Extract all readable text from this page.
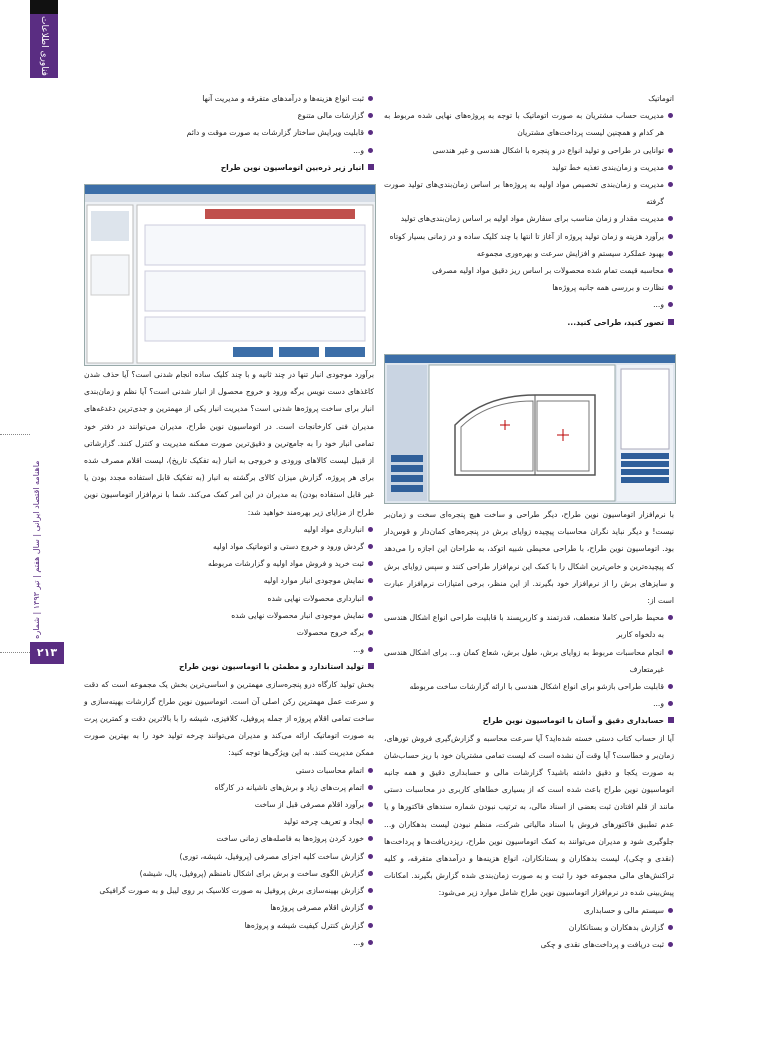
فناوری اطلاعات
ماهنامه اقتصاد ایرانی | سال هفتم | تیر ۱۳۹۳ | شماره
۲۱۳

اتوماتیک

مدیریت حساب مشتریان به صورت اتوماتیک با توجه به پروژه‌های نهایی شده مربوط به هر کدام و همچنین لیست پرداخت‌های مشتریان
توانایی در طراحی و تولید انواع در و پنجره با اشکال هندسی و غیر هندسی
مدیریت و زمان‌بندی تغذیه خط تولید
مدیریت و زمان‌بندی تخصیص مواد اولیه به پروژه‌ها بر اساس زمان‌بندی‌های تولید صورت گرفته
مدیریت مقدار و زمان مناسب برای سفارش مواد اولیه بر اساس زمان‌بندی‌های تولید
برآورد هزینه و زمان تولید پروژه از آغاز تا انتها با چند کلیک ساده و در زمانی بسیار کوتاه
بهبود عملکرد سیستم و افزایش سرعت و بهره‌وری مجموعه
محاسبه قیمت تمام شده محصولات بر اساس ریز دقیق مواد اولیه مصرفی
نظارت و بررسی همه جانبه پروژه‌ها
و...
تصور کنید، طراحی کنید...

با نرم‌افزار اتوماسیون نوین طراح، دیگر طراحی و ساخت هیچ پنجره‌ای سخت و زمان‌بر نیست! و دیگر نباید نگران محاسبات پیچیده زوایای برش در پنجره‌های کمان‌دار و قوس‌دار بود. اتوماسیون نوین طراح، با طراحی محیطی شبیه اتوکد، به طراحان این اجازه را می‌دهد که پیچیده‌ترین و خاص‌ترین اشکال را با کمک این نرم‌افزار طراحی کنند و سپس زوایای برش و سایزهای برش را از نرم‌افزار خود بگیرند. از این منظر، برخی امتیازات نرم‌افزار عبارت است از:

محیط طراحی کاملا منعطف، قدرتمند و کاربرپسند با قابلیت طراحی انواع اشکال هندسی به دلخواه کاربر
انجام محاسبات مربوط به زوایای برش، طول برش، شعاع کمان و... برای اشکال هندسی غیرمتعارف
قابلیت طراحی بازشو برای انواع اشکال هندسی با ارائه گزارشات ساخت مربوطه
و...
حسابداری دقیق و آسان با اتوماسیون نوین طراح

آیا از حساب کتاب دستی خسته شده‌اید؟ آیا سرعت محاسبه و گزارش‌گیری فروش تورهای، زمان‌بر و خطاست؟ آیا وقت آن نشده است که لیست تمامی مشتریان خود با ریز حساب‌شان به صورت یکجا و دقیق داشته باشید؟ گزارشات مالی و حسابداری دقیق و همه جانبه اتوماسیون نوین طراح باعث شده است که از بسیاری خطاهای کاربری در محاسبات دستی مانند از قلم افتادن ثبت بعضی از اسناد مالی، به ترتیب نبودن شماره سندهای فاکتورها و یا عدم تطبیق فاکتورهای فروش با اسناد مالیاتی شرکت، منظم نبودن لیست بدهکاران و... جلوگیری شود و مدیران می‌توانند به کمک اتوماسیون نوین طراح، ریزدریافت‌ها و پرداخت‌ها (نقدی و چکی)، لیست بدهکاران و بستانکاران، انواع هزینه‌ها و درآمدهای متفرقه، و کلیه تراکنش‌های مالی مجموعه خود را ثبت و به صورت زمان‌بندی شده گزارش بگیرند. امکانات پیش‌بینی شده در نرم‌افزار اتوماسیون نوین طراح شامل موارد زیر می‌شود:

سیستم مالی و حسابداری
گزارش بدهکاران و بستانکاران
ثبت دریافت و پرداخت‌های نقدی و چکی
ثبت انواع هزینه‌ها و درآمدهای متفرقه و مدیریت آنها
گزارشات مالی متنوع
قابلیت ویرایش ساختار گزارشات به صورت موقت و دائم
و...
انبار زیر ذره‌بین اتوماسیون نوین طراح

برآورد موجودی انبار تنها در چند ثانیه و با چند کلیک ساده انجام شدنی است؟ آیا حذف شدن کاغذهای دست نویس برگه ورود و خروج محصول از انبار شدنی است؟ آیا نظم و زمان‌بندی انبار برای ساخت پروژه‌ها شدنی است؟ مدیریت انبار یکی از مهمترین و جدی‌ترین دغدغه‌های مدیران فنی کارخانجات است. در اتوماسیون نوین طراح، مدیران می‌توانند در دفتر خود تمامی انبار خود را به جامع‌ترین و دقیق‌ترین صورت ممکنه مدیریت و کنترل کنند. گزارشاتی از قبیل لیست کالاهای ورودی و خروجی به انبار (به تفکیک تاریخ)، لیست اقلام مصرف شده برای هر پروژه، گزارش میزان کالای برگشته به انبار (به تفکیک قابل استفاده مجدد بودن یا غیر قابل استفاده بودن) به مدیران در این امر کمک می‌کند. شما با نرم‌افزار اتوماسیون نوین طراح از مزایای زیر بهره‌مند خواهید شد:

انبارداری مواد اولیه
گردش ورود و خروج دستی و اتوماتیک مواد اولیه
ثبت خرید و فروش مواد اولیه و گزارشات مربوطه
نمایش موجودی انبار موارد اولیه
انبارداری محصولات نهایی شده
نمایش موجودی انبار محصولات نهایی شده
برگه خروج محصولات
و...
تولید استاندارد و مطمئن با اتوماسیون نوین طراح

بخش تولید کارگاه درو پنجره‌سازی مهمترین و اساسی‌ترین بخش یک مجموعه است که دقت و سرعت عمل مهمترین رکن اصلی آن است. اتوماسیون نوین طراح گزارشات بهینه‌سازی و ساخت تمامی اقلام پروژه از جمله پروفیل، کلافیزی، شیشه را با بالاترین دقت و کمترین پرت به صورت اتوماتیک ارائه می‌کند و مدیران می‌توانند چرخه تولید خود را به بهترین صورت ممکن مدیریت کنند. به این ویژگی‌ها توجه کنید:

اتمام محاسبات دستی
اتمام پرت‌های زیاد و برش‌های ناشیانه در کارگاه
برآورد اقلام مصرفی قبل از ساخت
ایجاد و تعریف چرخه تولید
خورد کردن پروژه‌ها به فاصله‌های زمانی ساخت
گزارش ساخت کلیه اجزای مصرفی (پروفیل، شیشه، توری)
گزارش الگوی ساخت و برش برای اشکال نامنظم (پروفیل، یال، شیشه)
گزارش بهینه‌سازی برش پروفیل به صورت کلاسیک بر روی لیبل و به صورت گرافیکی
گزارش اقلام مصرفی پروژه‌ها
گزارش کنترل کیفیت شیشه و پروژه‌ها
و...
